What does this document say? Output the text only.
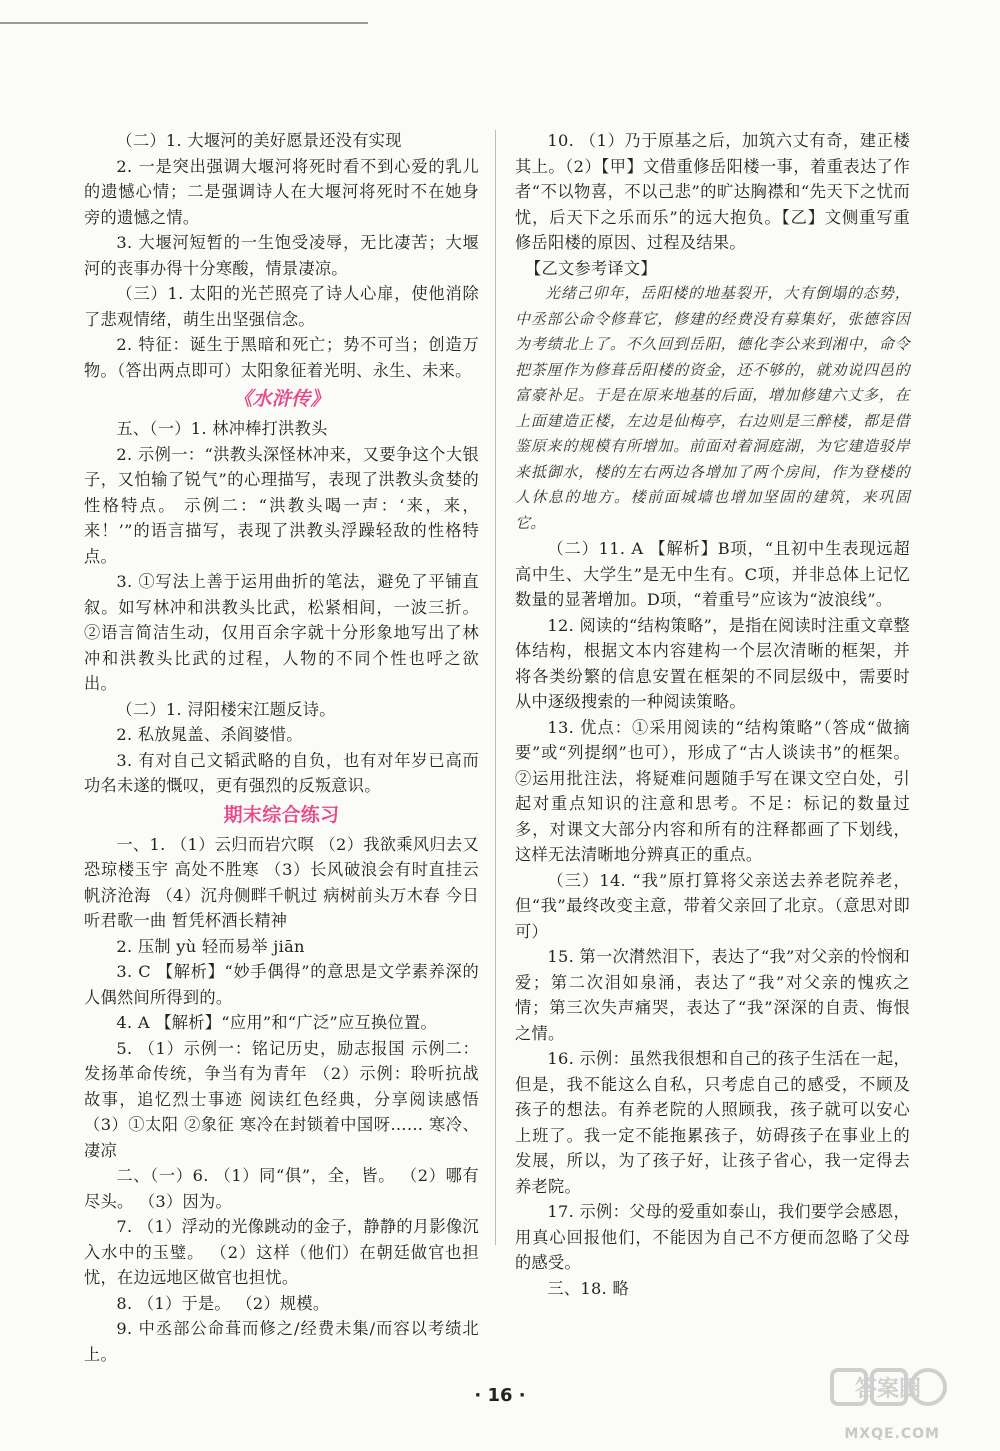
（二）1. 大堰河的美好愿景还没有实现

2. 一是突出强调大堰河将死时看不到心爱的乳儿的遗憾心情；二是强调诗人在大堰河将死时不在她身旁的遗憾之情。

3. 大堰河短暂的一生饱受凌辱，无比凄苦；大堰河的丧事办得十分寒酸，情景凄凉。

（三）1. 太阳的光芒照亮了诗人心扉，使他消除了悲观情绪，萌生出坚强信念。

2. 特征：诞生于黑暗和死亡；势不可当；创造万物。（答出两点即可）太阳象征着光明、永生、未来。

《水浒传》

五、（一）1. 林冲棒打洪教头

2. 示例一：“洪教头深怪林冲来，又要争这个大银子，又怕输了锐气”的心理描写，表现了洪教头贪婪的性格特点。 示例二：“洪教头喝一声：‘来，来，来！’”的语言描写，表现了洪教头浮躁轻敌的性格特点。

3. ①写法上善于运用曲折的笔法，避免了平铺直叙。如写林冲和洪教头比武，松紧相间，一波三折。②语言简洁生动，仅用百余字就十分形象地写出了林冲和洪教头比武的过程，人物的不同个性也呼之欲出。

（二）1. 浔阳楼宋江题反诗。

2. 私放晁盖、杀阎婆惜。

3. 有对自己文韬武略的自负，也有对年岁已高而功名未遂的慨叹，更有强烈的反叛意识。

期末综合练习

一、1. （1）云归而岩穴暝 （2）我欲乘风归去又恐琼楼玉宇 高处不胜寒 （3）长风破浪会有时直挂云帆济沧海 （4）沉舟侧畔千帆过 病树前头万木春 今日听君歌一曲 暂凭杯酒长精神

2. 压制 yù 轻而易举 jiān

3. C 【解析】“妙手偶得”的意思是文学素养深的人偶然间所得到的。

4. A 【解析】“应用”和“广泛”应互换位置。

5. （1）示例一：铭记历史，励志报国 示例二：发扬革命传统，争当有为青年 （2）示例：聆听抗战故事，追忆烈士事迹 阅读红色经典，分享阅读感悟 （3）①太阳 ②象征 寒冷在封锁着中国呀…… 寒冷、凄凉

二、（一）6. （1）同“俱”，全，皆。 （2）哪有尽头。 （3）因为。

7. （1）浮动的光像跳动的金子，静静的月影像沉入水中的玉璧。 （2）这样（他们）在朝廷做官也担忧，在边远地区做官也担忧。

8. （1）于是。 （2）规模。

9. 中丞部公命葺而修之/经费未集/而容以考绩北上。

10. （1）乃于原基之后，加筑六丈有奇，建正楼其上。（2）【甲】文借重修岳阳楼一事，着重表达了作者“不以物喜，不以己悲”的旷达胸襟和“先天下之忧而忧，后天下之乐而乐”的远大抱负。【乙】文侧重写重修岳阳楼的原因、过程及结果。

【乙文参考译文】

光绪己卯年，岳阳楼的地基裂开，大有倒塌的态势，中丞部公命令修葺它，修建的经费没有募集好，张德容因为考绩北上了。不久回到岳阳，德化李公来到湘中，命令把茶厘作为修葺岳阳楼的资金，还不够的，就劝说四邑的富豪补足。于是在原来地基的后面，增加修建六丈多，在上面建造正楼，左边是仙梅亭，右边则是三醉楼，都是借鉴原来的规模有所增加。前面对着洞庭湖，为它建造驳岸来抵御水，楼的左右两边各增加了两个房间，作为登楼的人休息的地方。楼前面城墙也增加坚固的建筑，来巩固它。

（二）11. A 【解析】B项，“且初中生表现远超高中生、大学生”是无中生有。C项，并非总体上记忆数量的显著增加。D项，“着重号”应该为“波浪线”。

12. 阅读的“结构策略”，是指在阅读时注重文章整体结构，根据文本内容建构一个层次清晰的框架，并将各类纷繁的信息安置在框架的不同层级中，需要时从中逐级搜索的一种阅读策略。

13. 优点：①采用阅读的“结构策略”（答成“做摘要”或“列提纲”也可），形成了“古人谈读书”的框架。②运用批注法，将疑难问题随手写在课文空白处，引起对重点知识的注意和思考。不足：标记的数量过多，对课文大部分内容和所有的注释都画了下划线，这样无法清晰地分辨真正的重点。

（三）14. “我”原打算将父亲送去养老院养老，但“我”最终改变主意，带着父亲回了北京。（意思对即可）

15. 第一次潸然泪下，表达了“我”对父亲的怜悯和爱；第二次泪如泉涌，表达了“我”对父亲的愧疚之情；第三次失声痛哭，表达了“我”深深的自责、悔恨之情。

16. 示例：虽然我很想和自己的孩子生活在一起，但是，我不能这么自私，只考虑自己的感受，不顾及孩子的想法。有养老院的人照顾我，孩子就可以安心上班了。我一定不能拖累孩子，妨碍孩子在事业上的发展，所以，为了孩子好，让孩子省心，我一定得去养老院。

17. 示例：父母的爱重如泰山，我们要学会感恩，用真心回报他们，不能因为自己不方便而忽略了父母的感受。

三、18. 略

· 16 ·	答案圈
MXQE.COM
